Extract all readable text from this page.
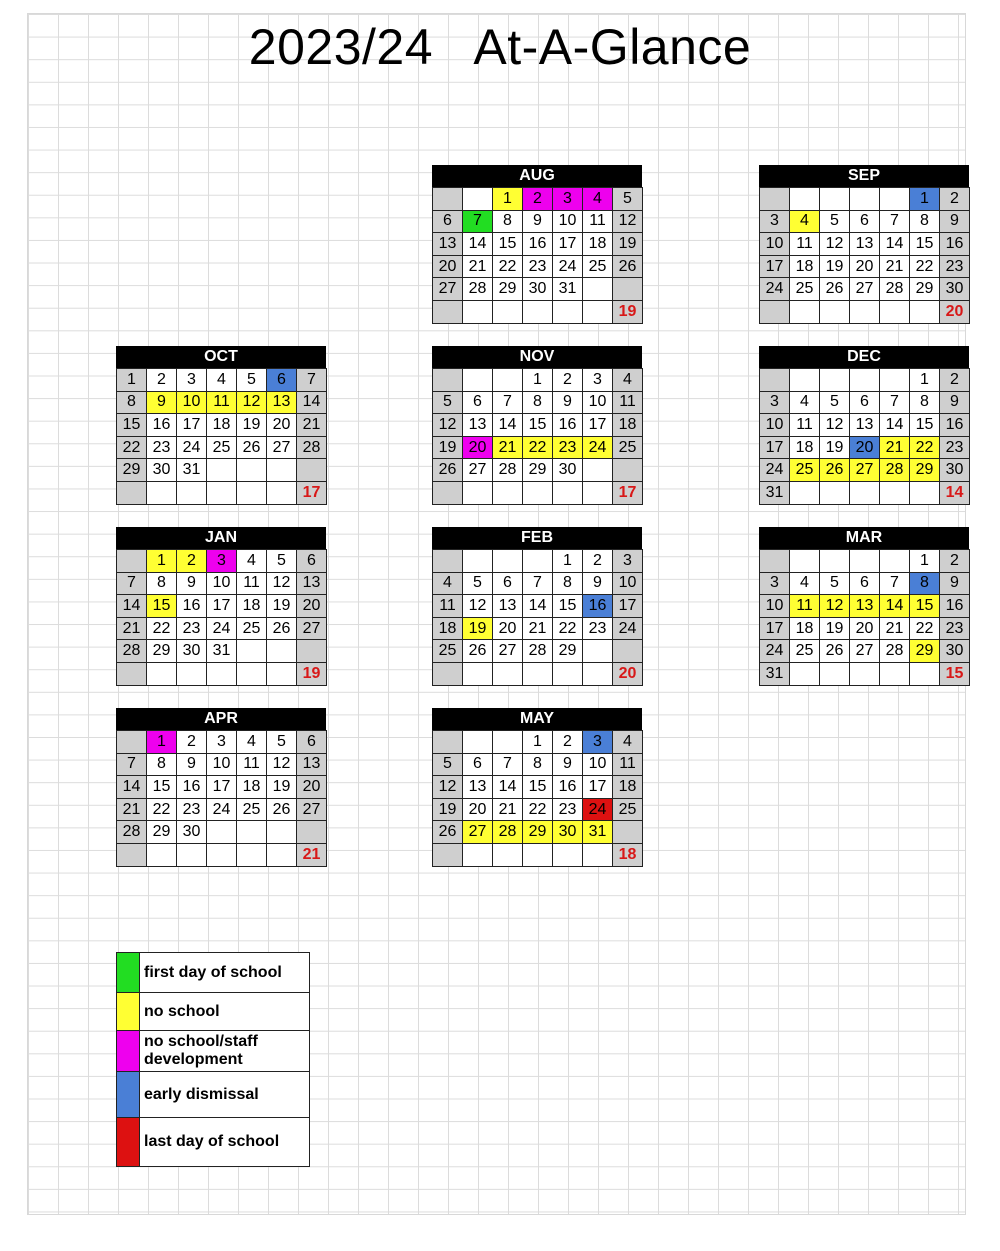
2023/24   At-A-Glance
AUG
		1	2	3	4	5
6	7	8	9	10	11	12
13	14	15	16	17	18	19
20	21	22	23	24	25	26
27	28	29	30	31		
						19
SEP
					1	2
3	4	5	6	7	8	9
10	11	12	13	14	15	16
17	18	19	20	21	22	23
24	25	26	27	28	29	30
						20
OCT
1	2	3	4	5	6	7
8	9	10	11	12	13	14
15	16	17	18	19	20	21
22	23	24	25	26	27	28
29	30	31				
						17
NOV
			1	2	3	4
5	6	7	8	9	10	11
12	13	14	15	16	17	18
19	20	21	22	23	24	25
26	27	28	29	30		
						17
DEC
					1	2
3	4	5	6	7	8	9
10	11	12	13	14	15	16
17	18	19	20	21	22	23
24	25	26	27	28	29	30
31						14
JAN
	1	2	3	4	5	6
7	8	9	10	11	12	13
14	15	16	17	18	19	20
21	22	23	24	25	26	27
28	29	30	31			
						19
FEB
				1	2	3
4	5	6	7	8	9	10
11	12	13	14	15	16	17
18	19	20	21	22	23	24
25	26	27	28	29		
						20
MAR
					1	2
3	4	5	6	7	8	9
10	11	12	13	14	15	16
17	18	19	20	21	22	23
24	25	26	27	28	29	30
31						15
APR
	1	2	3	4	5	6
7	8	9	10	11	12	13
14	15	16	17	18	19	20
21	22	23	24	25	26	27
28	29	30				
						21
MAY
			1	2	3	4
5	6	7	8	9	10	11
12	13	14	15	16	17	18
19	20	21	22	23	24	25
26	27	28	29	30	31	
						18
	first day of school
	no school
	no school/staff development
	early dismissal
	last day of school
